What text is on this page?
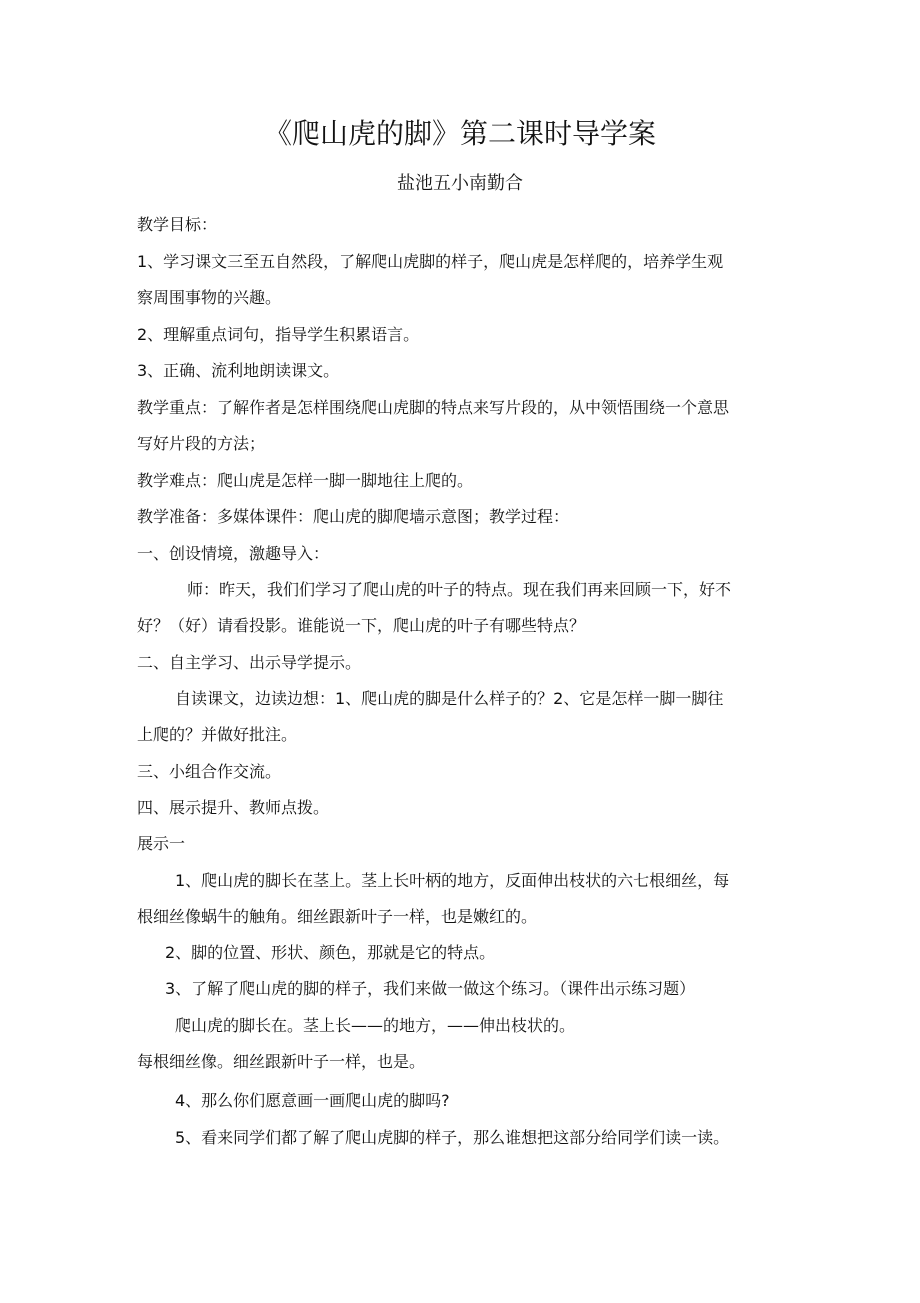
《爬山虎的脚》第二课时导学案
盐池五小南勤合
教学目标：
1、学习课文三至五自然段，了解爬山虎脚的样子，爬山虎是怎样爬的，培养学生观
察周围事物的兴趣。
2、理解重点词句，指导学生积累语言。
3、正确、流利地朗读课文。
教学重点：了解作者是怎样围绕爬山虎脚的特点来写片段的，从中领悟围绕一个意思
写好片段的方法；
教学难点：爬山虎是怎样一脚一脚地往上爬的。
教学准备：多媒体课件：爬山虎的脚爬墙示意图；教学过程：
一、创设情境，激趣导入：
师：昨天，我们们学习了爬山虎的叶子的特点。现在我们再来回顾一下，好不
好？（好）请看投影。谁能说一下，爬山虎的叶子有哪些特点？
二、自主学习、出示导学提示。
自读课文，边读边想：1、爬山虎的脚是什么样子的？2、它是怎样一脚一脚往
上爬的？并做好批注。
三、小组合作交流。
四、展示提升、教师点拨。
展示一
1、爬山虎的脚长在茎上。茎上长叶柄的地方，反面伸出枝状的六七根细丝，每
根细丝像蜗牛的触角。细丝跟新叶子一样，也是嫩红的。
2、脚的位置、形状、颜色，那就是它的特点。
3、了解了爬山虎的脚的样子，我们来做一做这个练习。（课件出示练习题）
爬山虎的脚长在。茎上长——的地方，——伸出枝状的。
每根细丝像。细丝跟新叶子一样，也是。
4、那么你们愿意画一画爬山虎的脚吗?
5、看来同学们都了解了爬山虎脚的样子，那么谁想把这部分给同学们读一读。
